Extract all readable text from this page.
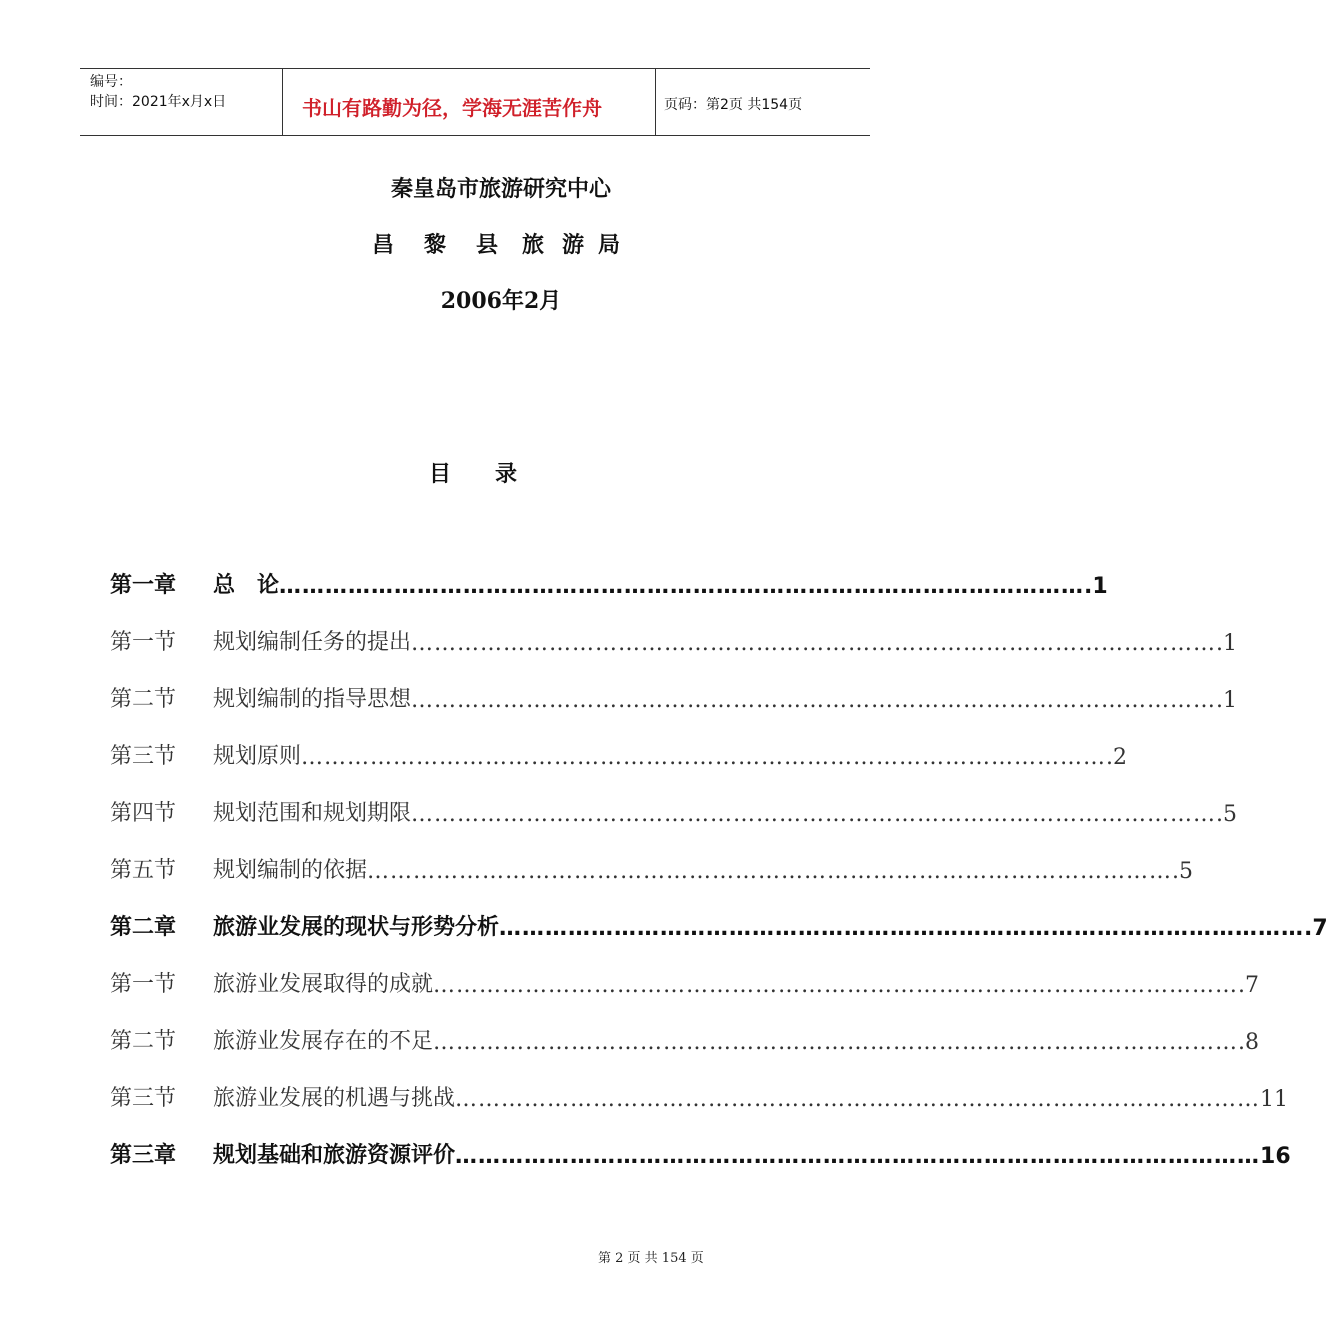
编号：
时间：2021年x月x日	书山有路勤为径，学海无涯苦作舟	页码：第2页 共154页
秦皇岛市旅游研究中心
昌 黎 县 旅 游 局
2006年2月
目　　录
第一章	总　论 …………………………………………………………………………………………… .1
第一节	规划编制任务的提出 …………………………………………………………………………………………… .1
第二节	规划编制的指导思想 …………………………………………………………………………………………… .1
第三节	规划原则 …………………………………………………………………………………………… .2
第四节	规划范围和规划期限 …………………………………………………………………………………………… .5
第五节	规划编制的依据 …………………………………………………………………………………………… .5
第二章	旅游业发展的现状与形势分析 …………………………………………………………………………………………… .7
第一节	旅游业发展取得的成就 …………………………………………………………………………………………… .7
第二节	旅游业发展存在的不足 …………………………………………………………………………………………… .8
第三节	旅游业发展的机遇与挑战 …………………………………………………………………………………………… 11
第三章	规划基础和旅游资源评价 …………………………………………………………………………………………… 16
第 2 页 共 154 页
